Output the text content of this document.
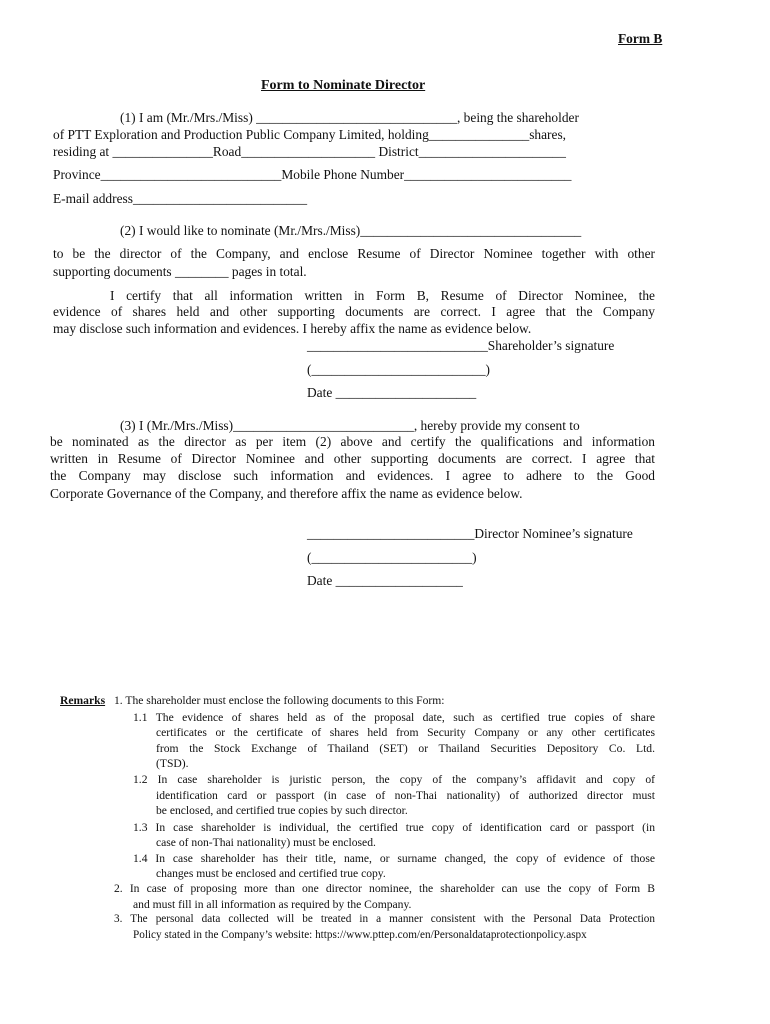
Form B
Form to Nominate Director
(1) I am (Mr./Mrs./Miss) ______________________________, being the shareholder
of PTT Exploration and Production Public Company Limited, holding_______________shares,
residing at _______________Road____________________ District______________________
Province___________________________Mobile Phone Number_________________________
E-mail address__________________________
(2) I would like to nominate (Mr./Mrs./Miss)_________________________________
to be the director of the Company, and enclose Resume of Director Nominee together with other
supporting documents ________ pages in total.
I certify that all information written in Form B, Resume of Director Nominee, the
evidence of shares held and other supporting documents are correct. I agree that the Company
may disclose such information and evidences. I hereby affix the name as evidence below.
___________________________Shareholder’s signature
(__________________________)
Date _____________________
(3) I (Mr./Mrs./Miss)___________________________, hereby provide my consent to
be nominated as the director as per item (2) above and certify the qualifications and information
written in Resume of Director Nominee and other supporting documents are correct. I agree that
the Company may disclose such information and evidences. I agree to adhere to the Good
Corporate Governance of the Company, and therefore affix the name as evidence below.
_________________________Director Nominee’s signature
(________________________)
Date ___________________
Remarks 1. The shareholder must enclose the following documents to this Form:
1.1 The evidence of shares held as of the proposal date, such as certified true copies of share
certificates or the certificate of shares held from Security Company or any other certificates
from the Stock Exchange of Thailand (SET) or Thailand Securities Depository Co. Ltd.
(TSD).
1.2 In case shareholder is juristic person, the copy of the company’s affidavit and copy of
identification card or passport (in case of non-Thai nationality) of authorized director must
be enclosed, and certified true copies by such director.
1.3 In case shareholder is individual, the certified true copy of identification card or passport (in
case of non-Thai nationality) must be enclosed.
1.4 In case shareholder has their title, name, or surname changed, the copy of evidence of those
changes must be enclosed and certified true copy.
2. In case of proposing more than one director nominee, the shareholder can use the copy of Form B
and must fill in all information as required by the Company.
3. The personal data collected will be treated in a manner consistent with the Personal Data Protection
Policy stated in the Company’s website: https://www.pttep.com/en/Personaldataprotectionpolicy.aspx
